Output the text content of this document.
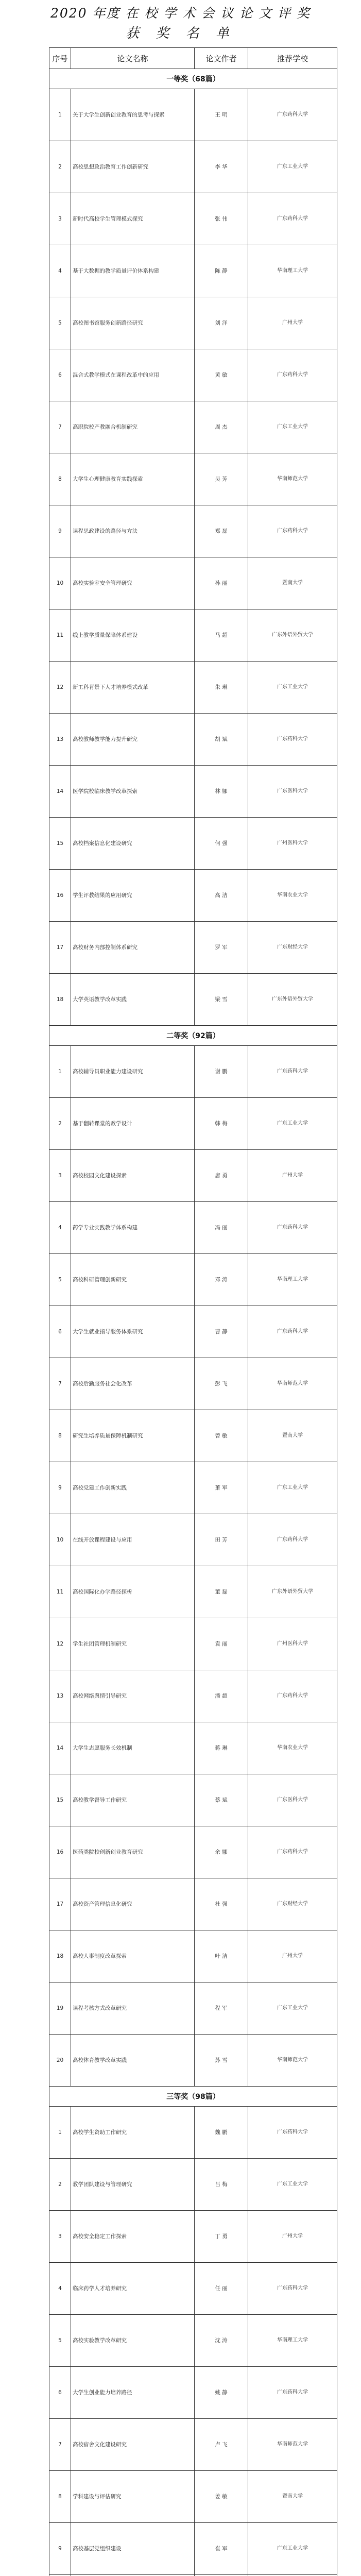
2020 年度 在 校 学 术 会 议 论 文 评 奖
获 奖 名 单
序号	论文名称	论文作者	推荐学校
一等奖（68篇）			
1	关于大学生创新创业教育的思考与探索	王 明	广东药科大学
2	高校思想政治教育工作创新研究	李 华	广东工业大学
3	新时代高校学生管理模式探究	张 伟	广东药科大学
4	基于大数据的教学质量评价体系构建	陈 静	华南理工大学
5	高校图书馆服务创新路径研究	刘 洋	广州大学
6	混合式教学模式在课程改革中的应用	黄 敏	广东药科大学
7	高职院校产教融合机制研究	周 杰	广东工业大学
8	大学生心理健康教育实践探索	吴 芳	华南师范大学
9	课程思政建设的路径与方法	郑 磊	广东药科大学
10	高校实验室安全管理研究	孙 丽	暨南大学
11	线上教学质量保障体系建设	马 超	广东外语外贸大学
12	新工科背景下人才培养模式改革	朱 琳	广东工业大学
13	高校教师教学能力提升研究	胡 斌	广东药科大学
14	医学院校临床教学改革探索	林 娜	广东医科大学
15	高校档案信息化建设研究	何 强	广州医科大学
16	学生评教结果的应用研究	高 洁	华南农业大学
17	高校财务内部控制体系研究	罗 军	广东财经大学
18	大学英语教学改革实践	梁 雪	广东外语外贸大学
二等奖（92篇）			
1	高校辅导员职业能力建设研究	谢 鹏	广东药科大学
2	基于翻转课堂的教学设计	韩 梅	广东工业大学
3	高校校园文化建设探索	唐 勇	广州大学
4	药学专业实践教学体系构建	冯 丽	广东药科大学
5	高校科研管理创新研究	邓 涛	华南理工大学
6	大学生就业指导服务体系研究	曹 静	广东药科大学
7	高校后勤服务社会化改革	彭 飞	华南师范大学
8	研究生培养质量保障机制研究	曾 敏	暨南大学
9	高校党建工作创新实践	萧 军	广东工业大学
10	在线开放课程建设与应用	田 芳	广东药科大学
11	高校国际化办学路径探析	董 磊	广东外语外贸大学
12	学生社团管理机制研究	袁 丽	广州医科大学
13	高校网络舆情引导研究	潘 超	广东药科大学
14	大学生志愿服务长效机制	蒋 琳	华南农业大学
15	高校教学督导工作研究	蔡 斌	广东医科大学
16	医药类院校创新创业教育研究	余 娜	广东药科大学
17	高校资产管理信息化研究	杜 强	广东财经大学
18	高校人事制度改革探索	叶 洁	广州大学
19	课程考核方式改革研究	程 军	广东工业大学
20	高校体育教学改革实践	苏 雪	华南师范大学
三等奖（98篇）			
1	高校学生资助工作研究	魏 鹏	广东药科大学
2	教学团队建设与管理研究	吕 梅	广东工业大学
3	高校安全稳定工作探索	丁 勇	广州大学
4	临床药学人才培养研究	任 丽	广东药科大学
5	高校实验教学改革研究	沈 涛	华南理工大学
6	大学生创业能力培养路径	姚 静	广东药科大学
7	高校宿舍文化建设研究	卢 飞	华南师范大学
8	学科建设与评估研究	姜 敏	暨南大学
9	高校基层党组织建设	崔 军	广东工业大学
